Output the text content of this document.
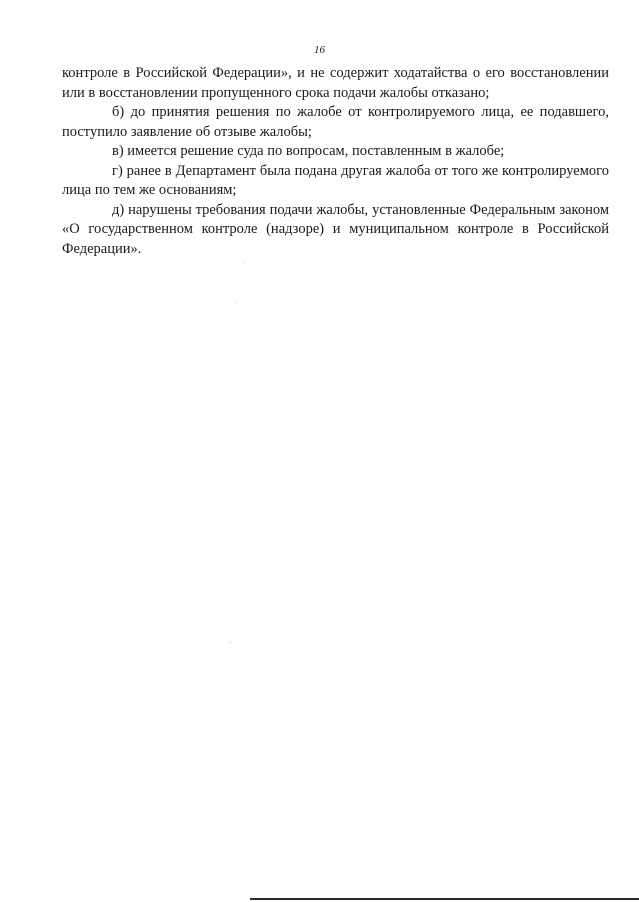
16

контроле в Российской Федерации», и не содержит ходатайства о его восстановлении или в восстановлении пропущенного срока подачи жалобы отказано;

б) до принятия решения по жалобе от контролируемого лица, ее подавшего, поступило заявление об отзыве жалобы;

в) имеется решение суда по вопросам, поставленным в жалобе;

г) ранее в Департамент была подана другая жалоба от того же контролируемого лица по тем же основаниям;

д) нарушены требования подачи жалобы, установленные Федеральным законом «О государственном контроле (надзоре) и муниципальном контроле в Российской Федерации».
